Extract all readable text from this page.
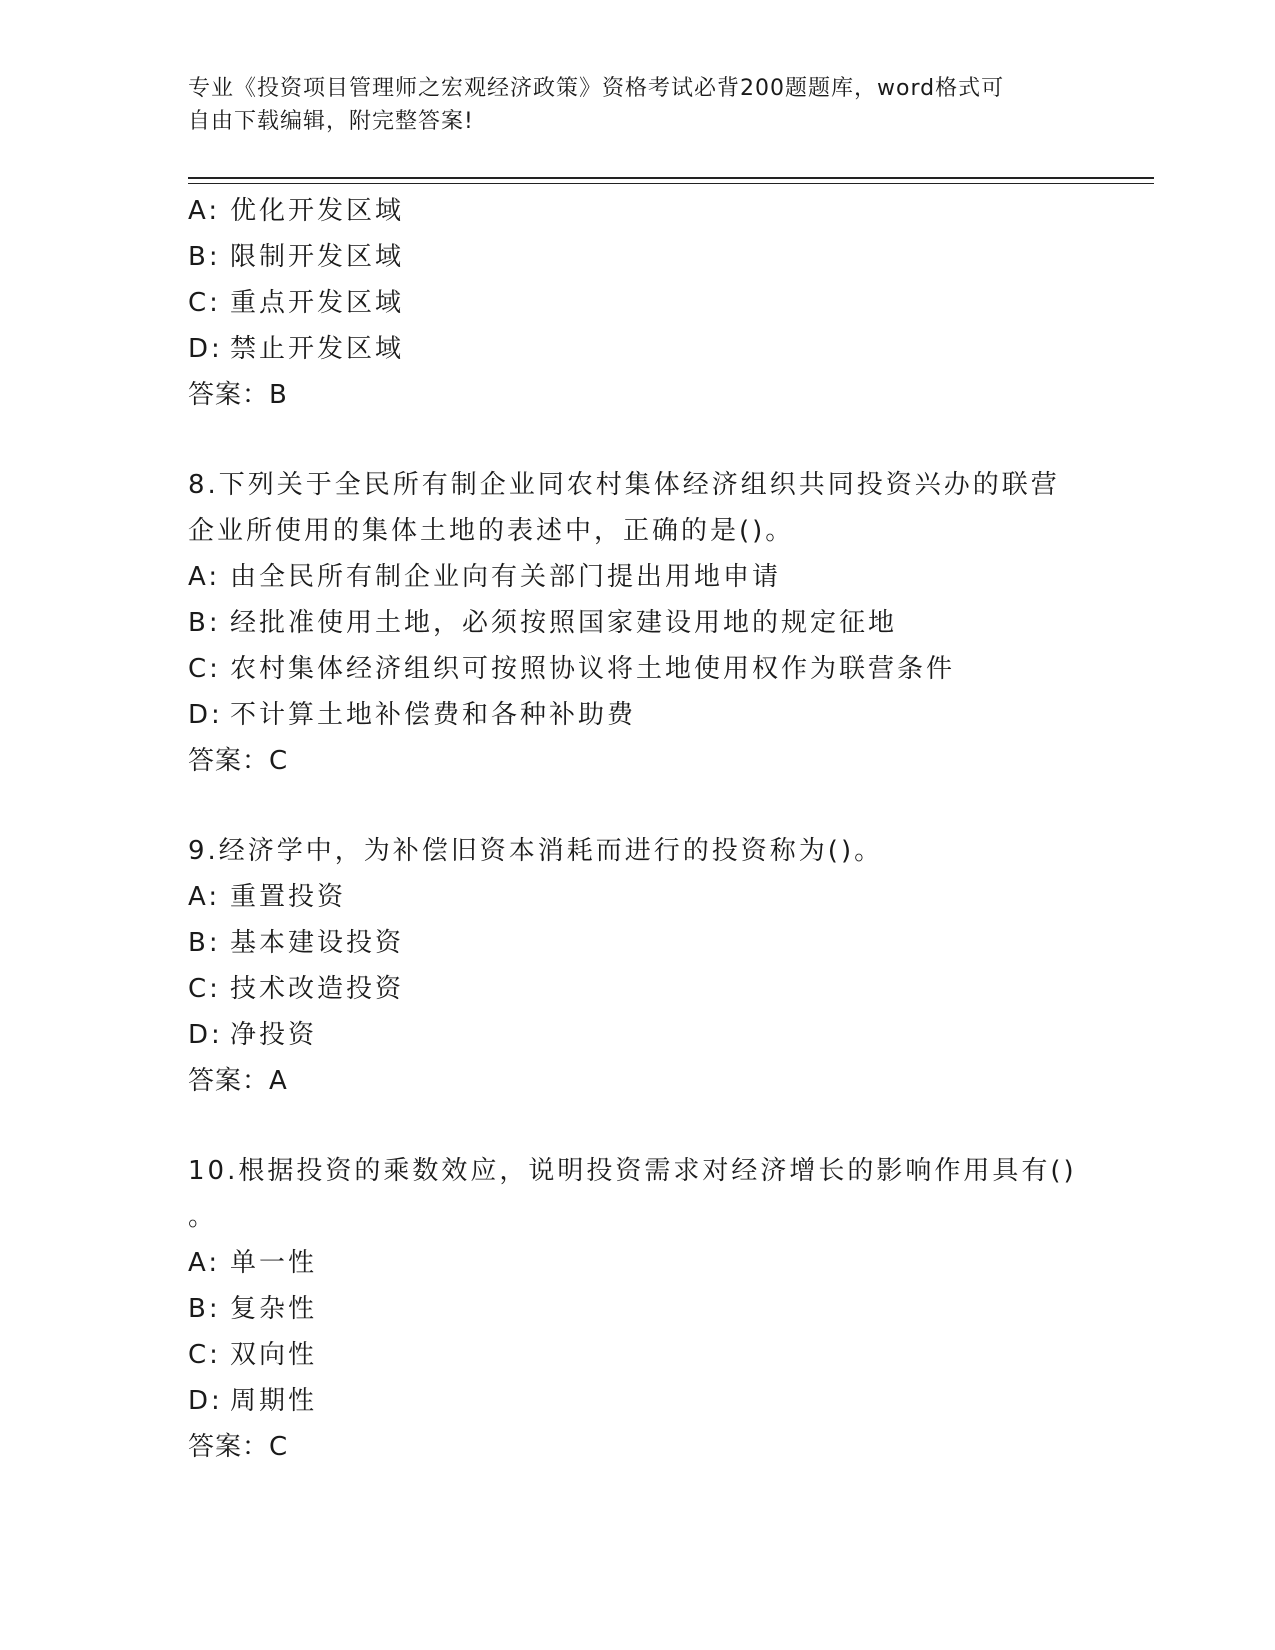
专业《投资项目管理师之宏观经济政策》资格考试必背200题题库，word格式可
自由下载编辑，附完整答案!
A: 优化开发区域
B: 限制开发区域
C: 重点开发区域
D: 禁止开发区域
答案：B
8.下列关于全民所有制企业同农村集体经济组织共同投资兴办的联营
企业所使用的集体土地的表述中，正确的是()。
A: 由全民所有制企业向有关部门提出用地申请
B: 经批准使用土地，必须按照国家建设用地的规定征地
C: 农村集体经济组织可按照协议将土地使用权作为联营条件
D: 不计算土地补偿费和各种补助费
答案：C
9.经济学中，为补偿旧资本消耗而进行的投资称为()。
A: 重置投资
B: 基本建设投资
C: 技术改造投资
D: 净投资
答案：A
10.根据投资的乘数效应，说明投资需求对经济增长的影响作用具有()
。
A: 单一性
B: 复杂性
C: 双向性
D: 周期性
答案：C
